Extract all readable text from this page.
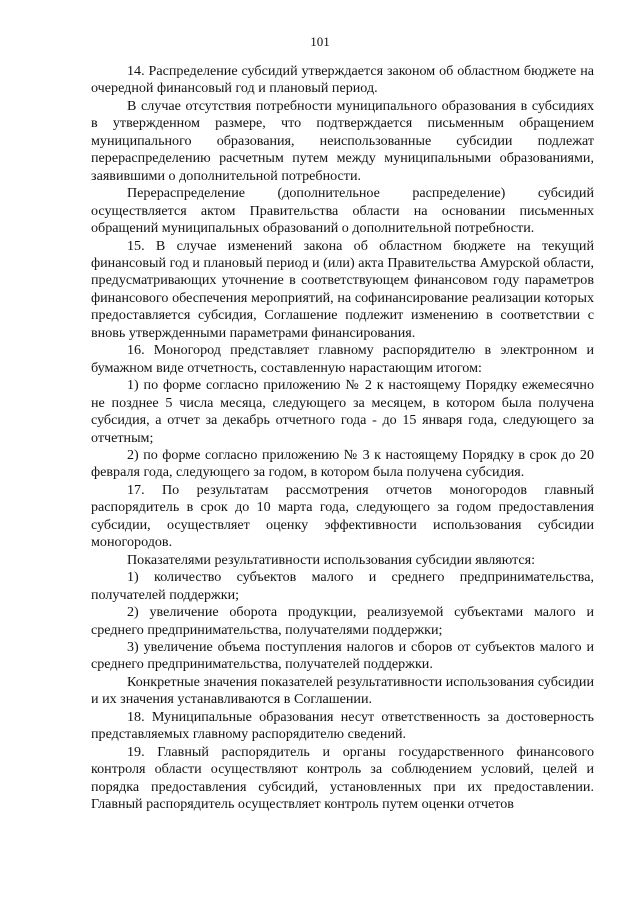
101

14. Распределение субсидий утверждается законом об областном бюджете на очередной финансовый год и плановый период.

В случае отсутствия потребности муниципального образования в субсидиях в утвержденном размере, что подтверждается письменным обращением муниципального образования, неиспользованные субсидии подлежат перераспределению расчетным путем между муниципальными образованиями, заявившими о дополнительной потребности.

Перераспределение (дополнительное распределение) субсидий осуществляется актом Правительства области на основании письменных обращений муниципальных образований о дополнительной потребности.

15. В случае изменений закона об областном бюджете на текущий финансовый год и плановый период и (или) акта Правительства Амурской области, предусматривающих уточнение в соответствующем финансовом году параметров финансового обеспечения мероприятий, на софинансирование реализации которых предоставляется субсидия, Соглашение подлежит изменению в соответствии с вновь утвержденными параметрами финансирования.

16. Моногород представляет главному распорядителю в электронном и бумажном виде отчетность, составленную нарастающим итогом:

1) по форме согласно приложению № 2 к настоящему Порядку ежемесячно не позднее 5 числа месяца, следующего за месяцем, в котором была получена субсидия, а отчет за декабрь отчетного года - до 15 января года, следующего за отчетным;

2) по форме согласно приложению № 3 к настоящему Порядку в срок до 20 февраля года, следующего за годом, в котором была получена субсидия.

17. По результатам рассмотрения отчетов моногородов главный распорядитель в срок до 10 марта года, следующего за годом предоставления субсидии, осуществляет оценку эффективности использования субсидии моногородов.

Показателями результативности использования субсидии являются:

1) количество субъектов малого и среднего предпринимательства, получателей поддержки;

2) увеличение оборота продукции, реализуемой субъектами малого и среднего предпринимательства, получателями поддержки;

3) увеличение объема поступления налогов и сборов от субъектов малого и среднего предпринимательства, получателей поддержки.

Конкретные значения показателей результативности использования субсидии и их значения устанавливаются в Соглашении.

18. Муниципальные образования несут ответственность за достоверность представляемых главному распорядителю сведений.

19. Главный распорядитель и органы государственного финансового контроля области осуществляют контроль за соблюдением условий, целей и порядка предоставления субсидий, установленных при их предоставлении. Главный распорядитель осуществляет контроль путем оценки отчетов
